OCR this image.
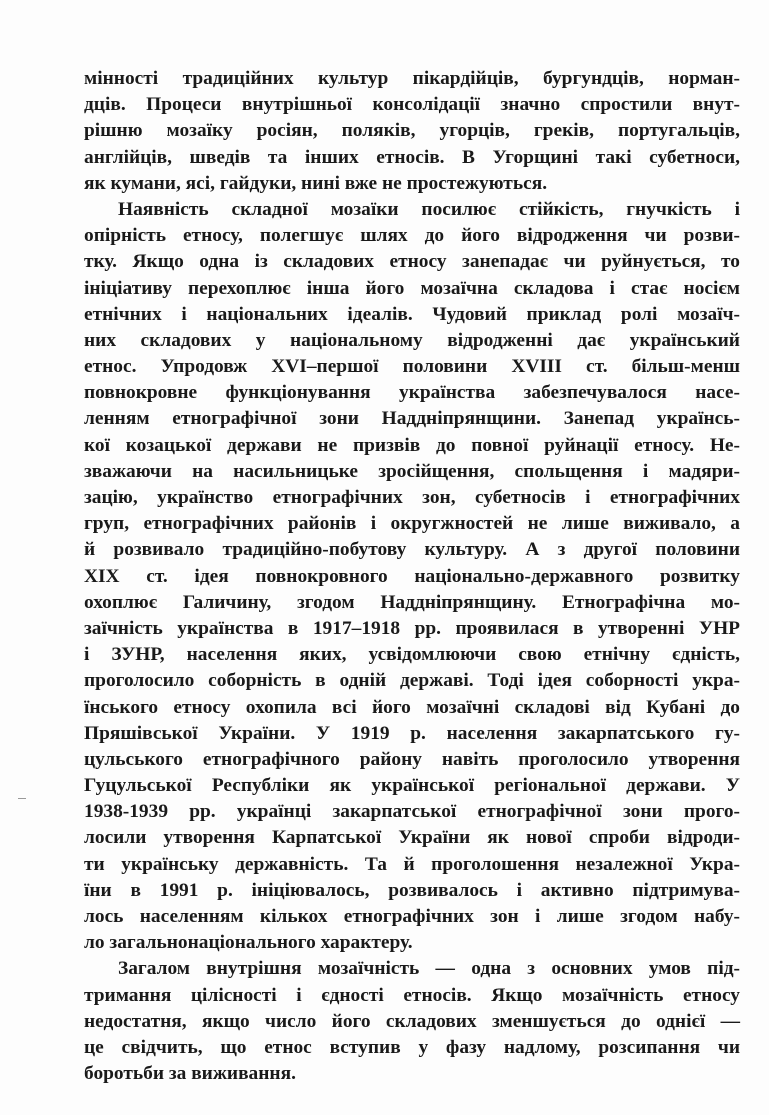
мінності традиційних культур пікардійців, бургундців, норман-
дців. Процеси внутрішньої консолідації значно спростили внут-
рішню мозаїку росіян, поляків, угорців, греків, португальців,
англійців, шведів та інших етносів. В Угорщині такі субетноси,
як кумани, ясі, гайдуки, нині вже не простежуються.
Наявність складної мозаїки посилює стійкість, гнучкість і
опірність етносу, полегшує шлях до його відродження чи розви-
тку. Якщо одна із складових етносу занепадає чи руйнується, то
ініціативу перехоплює інша його мозаїчна складова і стає носієм
етнічних і національних ідеалів. Чудовий приклад ролі мозаїч-
них складових у національному відродженні дає український
етнос. Упродовж XVI–першої половини XVIII ст. більш-менш
повнокровне функціонування українства забезпечувалося насе-
ленням етнографічної зони Наддніпрянщини. Занепад українсь-
кої козацької держави не призвів до повної руйнації етносу. Не-
зважаючи на насильницьке зросійщення, спольщення і мадяри-
зацію, українство етнографічних зон, субетносів і етнографічних
груп, етнографічних районів і округжностей не лише виживало, а
й розвивало традиційно-побутову культуру. А з другої половини
XIX ст. ідея повнокровного національно-державного розвитку
охоплює Галичину, згодом Наддніпрянщину. Етнографічна мо-
заїчність українства в 1917–1918 рр. проявилася в утворенні УНР
і ЗУНР, населення яких, усвідомлюючи свою етнічну єдність,
проголосило соборність в одній державі. Тоді ідея соборності укра-
їнського етносу охопила всі його мозаїчні складові від Кубані до
Пряшівської України. У 1919 р. населення закарпатського гу-
цульського етнографічного району навіть проголосило утворення
Гуцульської Республіки як української регіональної держави. У
1938-1939 рр. українці закарпатської етнографічної зони прого-
лосили утворення Карпатської України як нової спроби відроди-
ти українську державність. Та й проголошення незалежної Укра-
їни в 1991 р. ініціювалось, розвивалось і активно підтримува-
лось населенням кількох етнографічних зон і лише згодом набу-
ло загальнонаціонального характеру.
Загалом внутрішня мозаїчність — одна з основних умов під-
тримання цілісності і єдності етносів. Якщо мозаїчність етносу
недостатня, якщо число його складових зменшується до однієї —
це свідчить, що етнос вступив у фазу надлому, розсипання чи
боротьби за виживання.
